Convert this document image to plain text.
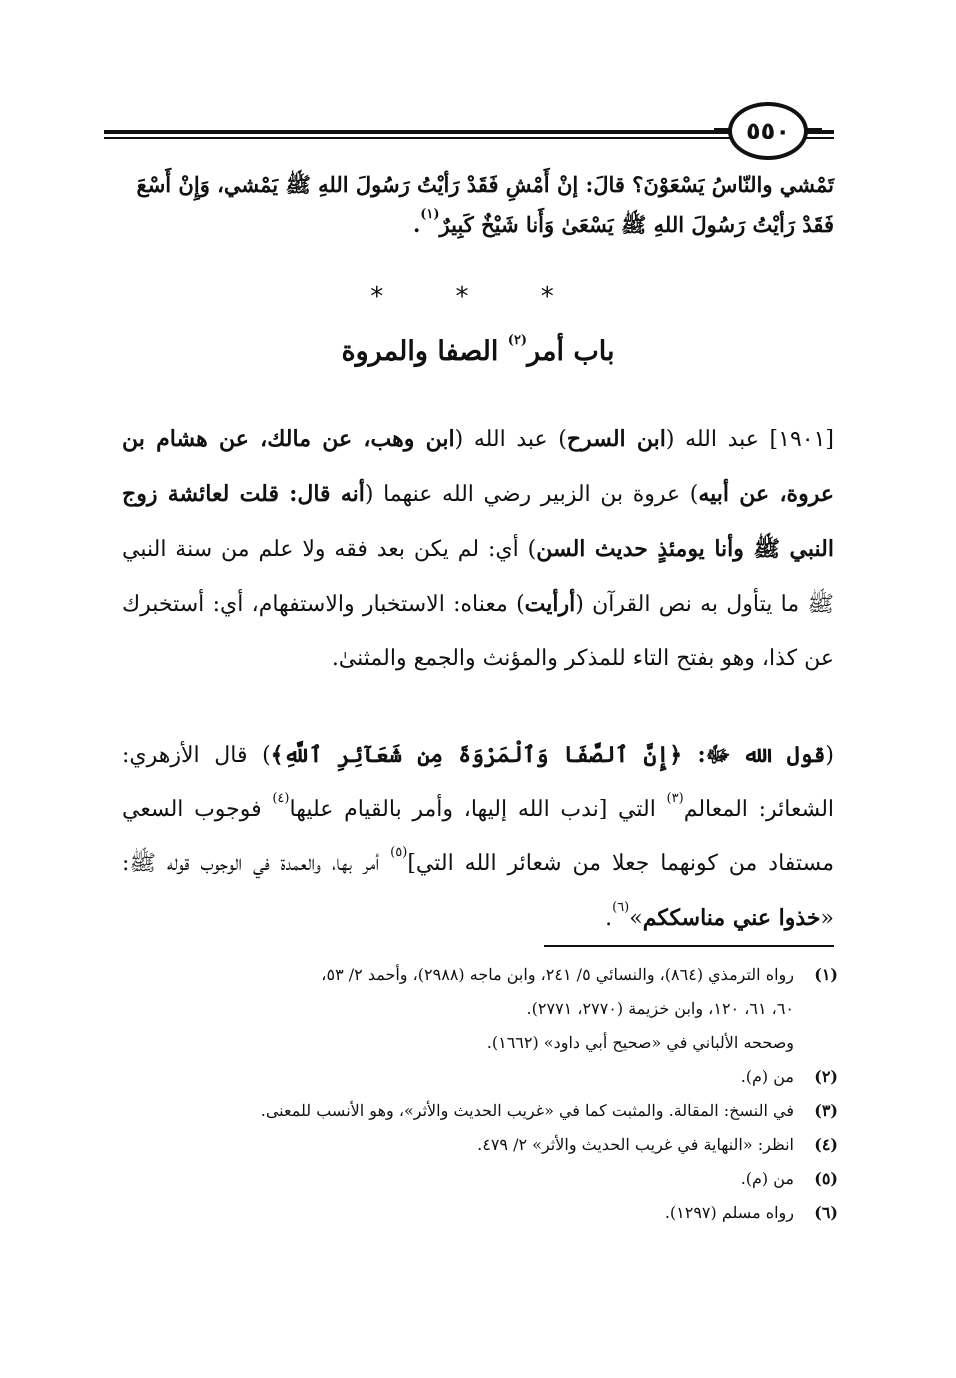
٥٥٠
تَمْشي والنّاسُ يَسْعَوْنَ؟ قالَ: إنْ أَمْشِ فَقَدْ رَأيْتُ رَسُولَ اللهِ ﷺ يَمْشي، وَإِنْ أَسْعَ
فَقَدْ رَأيْتُ رَسُولَ اللهِ ﷺ يَسْعَىٰ وَأَنا شَيْخٌ كَبِيرٌ$^{(١)}$.
* * *
باب أمر$^{(٢)}$ الصفا والمروة
[١٩٠١] عبد الله (ابن السرح) عبد الله (ابن وهب، عن مالك، عن هشام بن عروة، عن أبيه) عروة بن الزبير رضي الله عنهما (أنه قال: قلت لعائشة زوج النبي ﷺ وأنا يومئذٍ حديث السن) أي: لم يكن بعد فقه ولا علم من سنة النبي ﷺ ما يتأول به نص القرآن (أرأيت) معناه: الاستخبار والاستفهام، أي: أستخبرك عن كذا، وهو بفتح التاء للمذكر والمؤنث والجمع والمثنىٰ.
(قول الله ﷻ: ﴿إِنَّ ٱلصَّفَا وَٱلْمَرْوَةَ مِن شَعَآئِرِ ٱللَّهِ﴾) قال الأزهري: الشعائر: المعالم$^{(٣)}$ التي [ندب الله إليها، وأمر بالقيام عليها$^{(٤)}$ فوجوب السعي مستفاد من كونهما جعلا من شعائر الله التي]$^{(٥)}$ أمر بها، والعمدة في الوجوب قوله ﷺ: «خذوا عني مناسككم»$^{(٦)}$.
(١)
رواه الترمذي (٨٦٤)، والنسائي ٥/ ٢٤١، وابن ماجه (٢٩٨٨)، وأحمد ٢/ ٥٣،
٦٠، ٦١، ١٢٠، وابن خزيمة (٢٧٧٠، ٢٧٧١).
وصححه الألباني في «صحيح أبي داود» (١٦٦٢).
(٢)
من (م).
(٣)
في النسخ: المقالة. والمثبت كما في «غريب الحديث والأثر»، وهو الأنسب للمعنى.
(٤)
انظر: «النهاية في غريب الحديث والأثر» ٢/ ٤٧٩.
(٥)
من (م).
(٦)
رواه مسلم (١٢٩٧).
